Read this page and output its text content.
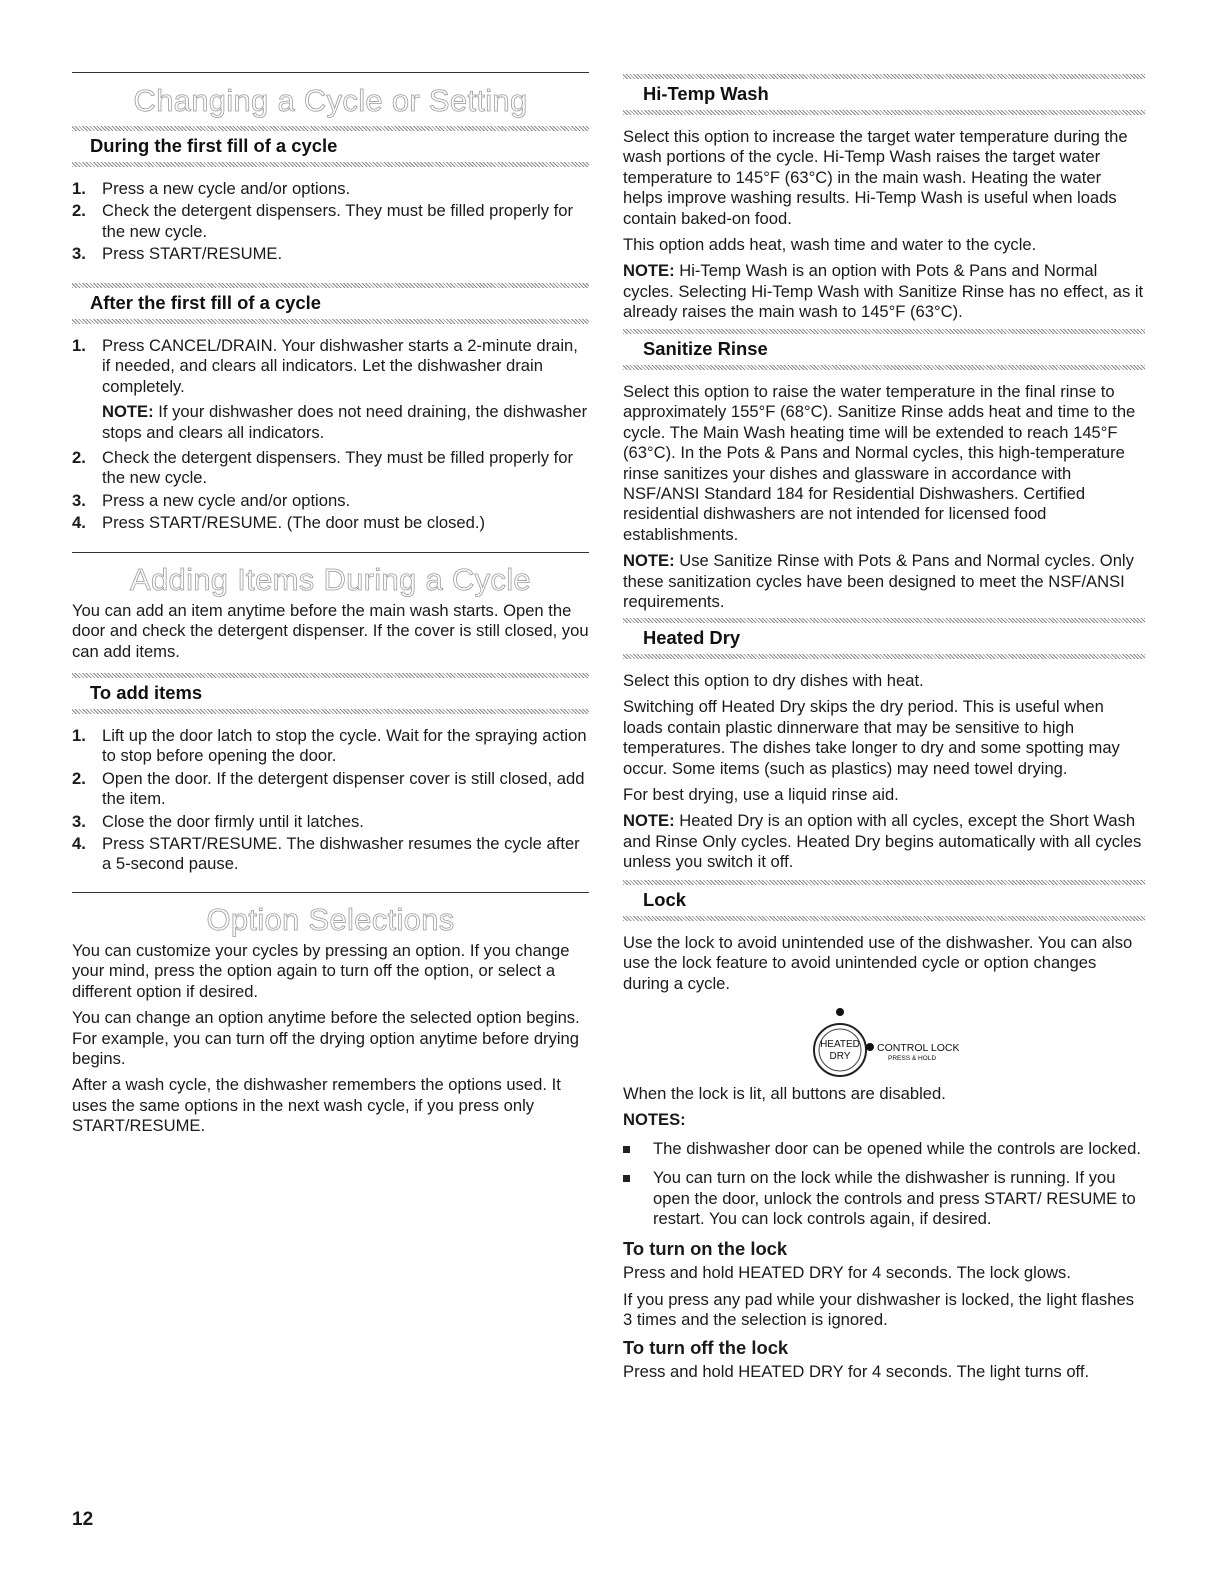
Changing a Cycle or Setting
During the first fill of a cycle
1. Press a new cycle and/or options.
2. Check the detergent dispensers. They must be filled properly for the new cycle.
3. Press START/RESUME.
After the first fill of a cycle
1. Press CANCEL/DRAIN. Your dishwasher starts a 2-minute drain, if needed, and clears all indicators. Let the dishwasher drain completely.
NOTE: If your dishwasher does not need draining, the dishwasher stops and clears all indicators.
2. Check the detergent dispensers. They must be filled properly for the new cycle.
3. Press a new cycle and/or options.
4. Press START/RESUME. (The door must be closed.)
Adding Items During a Cycle

You can add an item anytime before the main wash starts. Open the door and check the detergent dispenser. If the cover is still closed, you can add items.

To add items
1. Lift up the door latch to stop the cycle. Wait for the spraying action to stop before opening the door.
2. Open the door. If the detergent dispenser cover is still closed, add the item.
3. Close the door firmly until it latches.
4. Press START/RESUME. The dishwasher resumes the cycle after a 5-second pause.
Option Selections

You can customize your cycles by pressing an option. If you change your mind, press the option again to turn off the option, or select a different option if desired.

You can change an option anytime before the selected option begins. For example, you can turn off the drying option anytime before drying begins.

After a wash cycle, the dishwasher remembers the options used. It uses the same options in the next wash cycle, if you press only START/RESUME.

Hi-Temp Wash

Select this option to increase the target water temperature during the wash portions of the cycle. Hi-Temp Wash raises the target water temperature to 145°F (63°C) in the main wash. Heating the water helps improve washing results. Hi-Temp Wash is useful when loads contain baked-on food.

This option adds heat, wash time and water to the cycle.

NOTE: Hi-Temp Wash is an option with Pots & Pans and Normal cycles. Selecting Hi-Temp Wash with Sanitize Rinse has no effect, as it already raises the main wash to 145°F (63°C).

Sanitize Rinse

Select this option to raise the water temperature in the final rinse to approximately 155°F (68°C). Sanitize Rinse adds heat and time to the cycle. The Main Wash heating time will be extended to reach 145°F (63°C). In the Pots & Pans and Normal cycles, this high-temperature rinse sanitizes your dishes and glassware in accordance with NSF/ANSI Standard 184 for Residential Dishwashers. Certified residential dishwashers are not intended for licensed food establishments.

NOTE: Use Sanitize Rinse with Pots & Pans and Normal cycles. Only these sanitization cycles have been designed to meet the NSF/ANSI requirements.

Heated Dry

Select this option to dry dishes with heat.

Switching off Heated Dry skips the dry period. This is useful when loads contain plastic dinnerware that may be sensitive to high temperatures. The dishes take longer to dry and some spotting may occur. Some items (such as plastics) may need towel drying.

For best drying, use a liquid rinse aid.

NOTE: Heated Dry is an option with all cycles, except the Short Wash and Rinse Only cycles. Heated Dry begins automatically with all cycles unless you switch it off.

Lock

Use the lock to avoid unintended use of the dishwasher. You can also use the lock feature to avoid unintended cycle or option changes during a cycle.

When the lock is lit, all buttons are disabled.

NOTES:

The dishwasher door can be opened while the controls are locked.
You can turn on the lock while the dishwasher is running. If you open the door, unlock the controls and press START/ RESUME to restart. You can lock controls again, if desired.
To turn on the lock

Press and hold HEATED DRY for 4 seconds. The lock glows.

If you press any pad while your dishwasher is locked, the light flashes 3 times and the selection is ignored.

To turn off the lock

Press and hold HEATED DRY for 4 seconds. The light turns off.

HEATED
DRY
CONTROL LOCK
PRESS & HOLD
12
